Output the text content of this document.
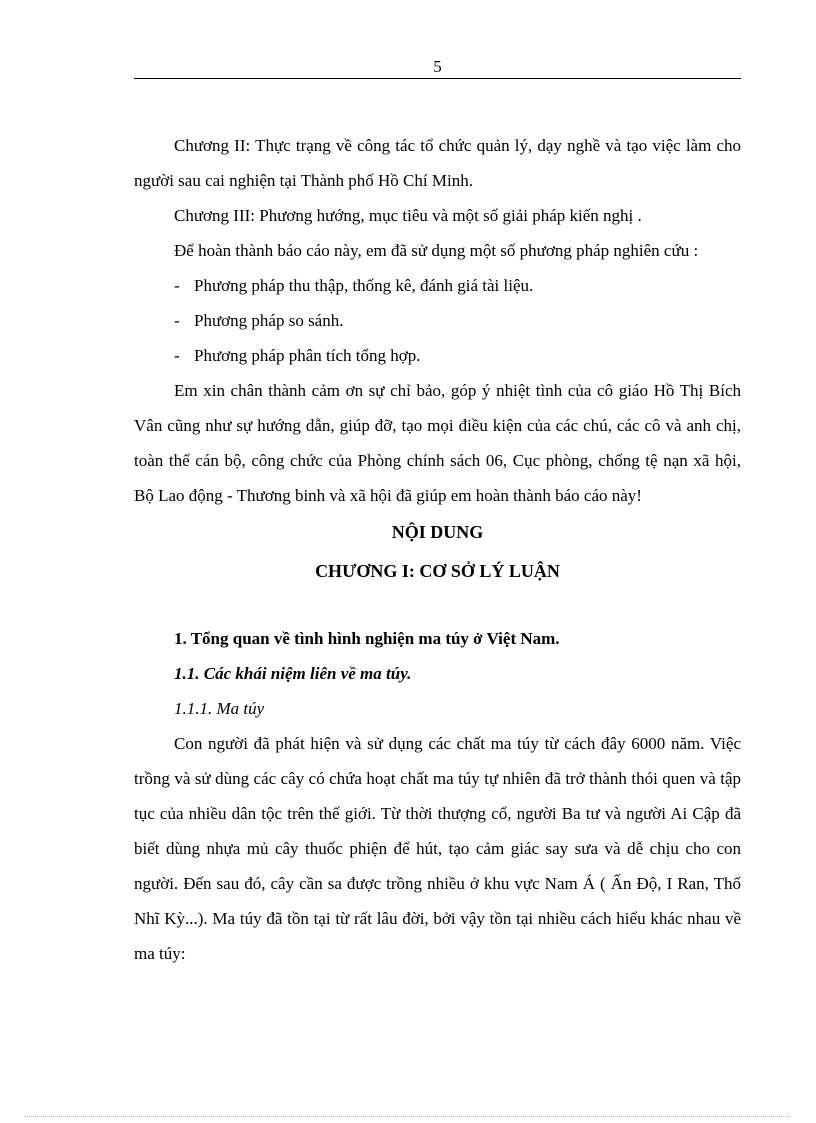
5

Chương II: Thực trạng về công tác tổ chức quản lý, dạy nghề và tạo việc làm cho người sau cai nghiện tại Thành phố Hồ Chí Minh.

Chương III: Phương hướng, mục tiêu và một số giải pháp kiến nghị .

Để hoàn thành báo cáo này, em đã sử dụng một số phương pháp nghiên cứu :

- Phương pháp thu thập, thống kê, đánh giá tài liệu.
- Phương pháp so sánh.
- Phương pháp phân tích tổng hợp.

Em xin chân thành cảm ơn sự chỉ bảo, góp ý nhiệt tình của cô giáo Hồ Thị Bích Vân cũng như sự hướng dẫn, giúp đỡ, tạo mọi điều kiện của các chú, các cô và anh chị, toàn thể cán bộ, công chức của Phòng chính sách 06, Cục phòng, chống tệ nạn xã hội, Bộ Lao động - Thương binh và xã hội đã giúp em hoàn thành báo cáo này!

NỘI DUNG

CHƯƠNG I: CƠ SỞ LÝ LUẬN

1. Tổng quan về tình hình nghiện ma túy ở Việt Nam.

1.1. Các khái niệm liên về ma túy.

1.1.1. Ma túy

Con người đã phát hiện và sử dụng các chất ma túy từ cách đây 6000 năm. Việc trồng và sử dùng các cây có chứa hoạt chất ma túy tự nhiên đã trở thành thói quen và tập tục của nhiều dân tộc trên thế giới. Từ thời thượng cổ, người Ba tư và người Ai Cập đã biết dùng nhựa mủ cây thuốc phiện để hút, tạo cảm giác say sưa và dễ chịu cho con người. Đến sau đó, cây cần sa được trồng nhiều ở khu vực Nam Á ( Ấn Độ, I Ran, Thổ Nhĩ Kỳ...). Ma túy đã tồn tại từ rất lâu đời, bởi vậy tồn tại nhiều cách hiểu khác nhau về ma túy:
